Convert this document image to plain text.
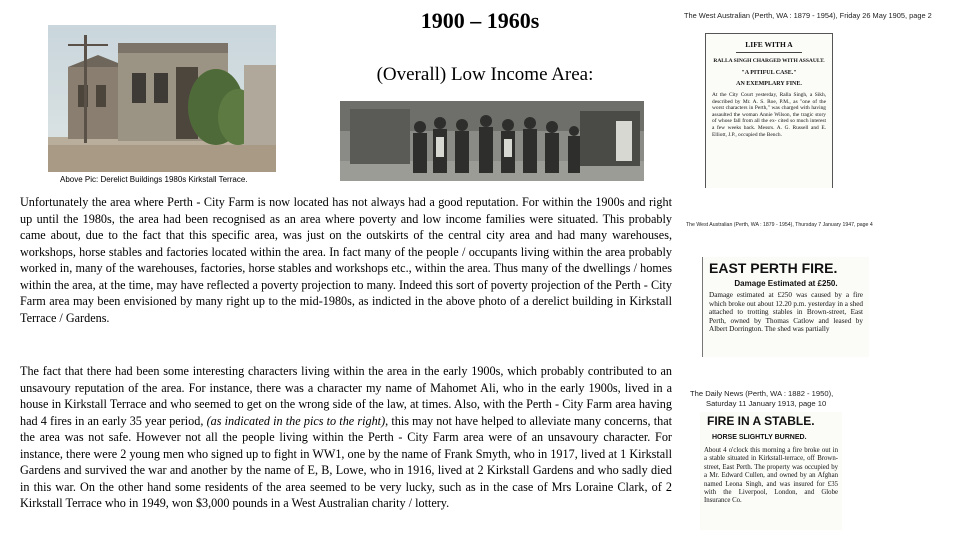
1900 – 1960s
Above Pic: Derelict Buildings 1980s Kirkstall Terrace.
(Overall) Low Income Area:
Unfortunately the area where Perth - City Farm is now located has not always had a good reputation. For within the 1900s and right up until the 1980s, the area had been recognised as an area where poverty and low income families were situated. This probably came about, due to the fact that this specific area, was just on the outskirts of the central city area and had many warehouses, workshops, horse stables and factories located within the area. In fact many of the people / occupants living within the area probably worked in, many of the warehouses, factories, horse stables and workshops etc., within the area. Thus many of the dwellings / homes within the area, at the time, may have reflected a poverty projection to many. Indeed this sort of poverty projection of the Perth - City Farm area may been envisioned by many right up to the mid-1980s, as indicted in the above photo of a derelict building in Kirkstall Terrace / Gardens.
The fact that there had been some interesting characters living within the area in the early 1900s, which probably contributed to an unsavoury reputation of the area. For instance, there was a character my name of Mahomet Ali, who in the early 1900s, lived in a house in Kirkstall Terrace and who seemed to get on the wrong side of the law, at times. Also, with the Perth - City Farm area having had 4 fires in an early 35 year period, (as indicated in the pics to the right), this may not have helped to alleviate many concerns, that the area was not safe. However not all the people living within the Perth - City Farm area were of an unsavoury character. For instance, there were 2 young men who signed up to fight in WW1, one by the name of Frank Smyth, who in 1917, lived at 1 Kirkstall Gardens and survived the war and another by the name of E, B, Lowe, who in 1916, lived at 2 Kirkstall Gardens and who sadly died in this war. On the other hand some residents of the area seemed to be very lucky, such as in the case of Mrs Loraine Clark, of 2 Kirkstall Terrace who in 1949, won $3,000 pounds in a West Australian charity / lottery.
The West Australian (Perth, WA : 1879 - 1954), Friday 26 May 1905, page 2
LIFE WITH A
RALLA SINGH CHARGED WITH ASSAULT.
"A PITIFUL CASE."
AN EXEMPLARY FINE.
At the City Court yesterday, Ralla Singh, a Sikh, described by Mr. A. S. Roe, P.M., as "one of the worst characters in Perth," was charged with having assaulted the woman Annie Wilson, the tragic story of whose fall from all the ex- cited so much interest a few weeks back. Messrs. A. G. Russell and E. Elliott, J.P., occupied the Bench.
The West Australian (Perth, WA : 1879 - 1954), Thursday 7 January 1947, page 4
EAST PERTH FIRE.
Damage Estimated at £250.
Damage estimated at £250 was caused by a fire which broke out about 12.20 p.m. yesterday in a shed attached to trotting stables in Brown-street, East Perth, owned by Thomas Catlow and leased by Albert Dorrington. The shed was partially
The Daily News (Perth, WA : 1882 - 1950),
Saturday 11 January 1913, page 10
FIRE IN A STABLE.
HORSE SLIGHTLY BURNED.
About 4 o'clock this morning a fire broke out in a stable situated in Kirkstall-terrace, off Brown-street, East Perth. The property was occupied by a Mr. Edward Cullen, and owned by an Afghan named Leona Singh, and was insured for £35 with the Liverpool, London, and Globe Insurance Co.
